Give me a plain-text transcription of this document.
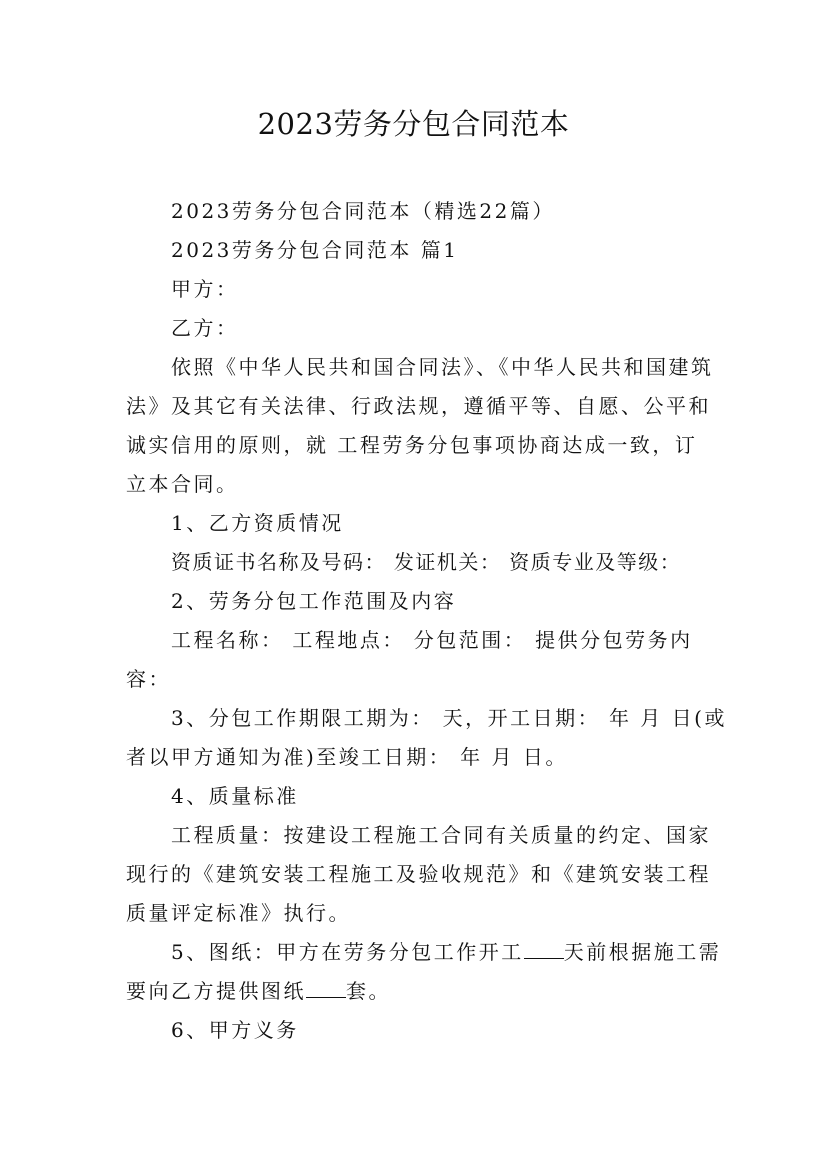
2023劳务分包合同范本
2023劳务分包合同范本（精选22篇）
2023劳务分包合同范本 篇1
甲方：
乙方：
依照《中华人民共和国合同法》、《中华人民共和国建筑
法》及其它有关法律、行政法规，遵循平等、自愿、公平和
诚实信用的原则，就 工程劳务分包事项协商达成一致，订
立本合同。
1、乙方资质情况
资质证书名称及号码： 发证机关： 资质专业及等级：
2、劳务分包工作范围及内容
工程名称： 工程地点： 分包范围： 提供分包劳务内
容：
3、分包工作期限工期为： 天，开工日期： 年 月 日(或
者以甲方通知为准)至竣工日期： 年 月 日。
4、质量标准
工程质量：按建设工程施工合同有关质量的约定、国家
现行的《建筑安装工程施工及验收规范》和《建筑安装工程
质量评定标准》执行。
5、图纸：甲方在劳务分包工作开工 天前根据施工需
要向乙方提供图纸 套。
6、甲方义务
